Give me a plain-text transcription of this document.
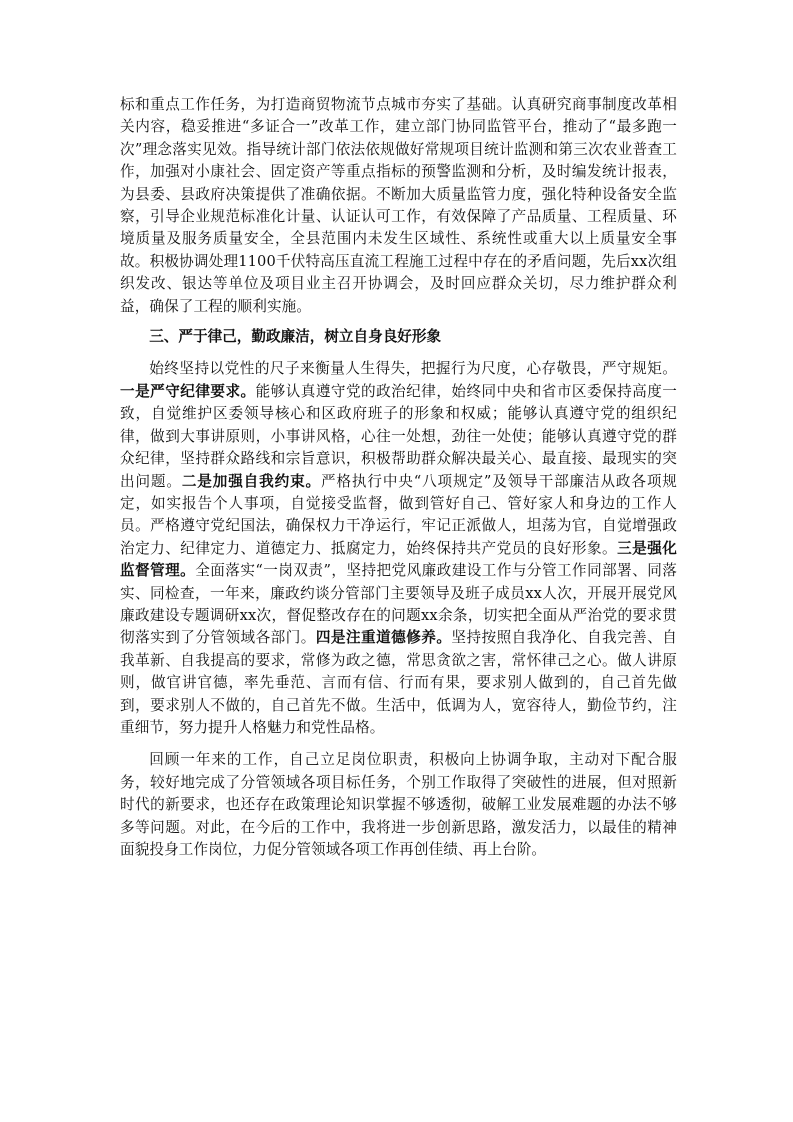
标和重点工作任务，为打造商贸物流节点城市夯实了基础。认真研究商事制度改革相关内容，稳妥推进“多证合一”改革工作，建立部门协同监管平台，推动了“最多跑一次”理念落实见效。指导统计部门依法依规做好常规项目统计监测和第三次农业普查工作，加强对小康社会、固定资产等重点指标的预警监测和分析，及时编发统计报表，为县委、县政府决策提供了准确依据。不断加大质量监管力度，强化特种设备安全监察，引导企业规范标准化计量、认证认可工作，有效保障了产品质量、工程质量、环境质量及服务质量安全，全县范围内未发生区域性、系统性或重大以上质量安全事故。积极协调处理1100千伏特高压直流工程施工过程中存在的矛盾问题，先后xx次组织发改、银达等单位及项目业主召开协调会，及时回应群众关切，尽力维护群众利益，确保了工程的顺利实施。

三、严于律己，勤政廉洁，树立自身良好形象

始终坚持以党性的尺子来衡量人生得失，把握行为尺度，心存敬畏，严守规矩。一是严守纪律要求。能够认真遵守党的政治纪律，始终同中央和省市区委保持高度一致，自觉维护区委领导核心和区政府班子的形象和权威；能够认真遵守党的组织纪律，做到大事讲原则，小事讲风格，心往一处想，劲往一处使；能够认真遵守党的群众纪律，坚持群众路线和宗旨意识，积极帮助群众解决最关心、最直接、最现实的突出问题。二是加强自我约束。严格执行中央“八项规定”及领导干部廉洁从政各项规定，如实报告个人事项，自觉接受监督，做到管好自己、管好家人和身边的工作人员。严格遵守党纪国法，确保权力干净运行，牢记正派做人，坦荡为官，自觉增强政治定力、纪律定力、道德定力、抵腐定力，始终保持共产党员的良好形象。三是强化监督管理。全面落实“一岗双责”，坚持把党风廉政建设工作与分管工作同部署、同落实、同检查，一年来，廉政约谈分管部门主要领导及班子成员xx人次，开展开展党风廉政建设专题调研xx次，督促整改存在的问题xx余条，切实把全面从严治党的要求贯彻落实到了分管领域各部门。四是注重道德修养。坚持按照自我净化、自我完善、自我革新、自我提高的要求，常修为政之德，常思贪欲之害，常怀律己之心。做人讲原则，做官讲官德，率先垂范、言而有信、行而有果，要求别人做到的，自己首先做到，要求别人不做的，自己首先不做。生活中，低调为人，宽容待人，勤俭节约，注重细节，努力提升人格魅力和党性品格。

回顾一年来的工作，自己立足岗位职责，积极向上协调争取，主动对下配合服务，较好地完成了分管领域各项目标任务，个别工作取得了突破性的进展，但对照新时代的新要求，也还存在政策理论知识掌握不够透彻，破解工业发展难题的办法不够多等问题。对此，在今后的工作中，我将进一步创新思路，激发活力，以最佳的精神面貌投身工作岗位，力促分管领域各项工作再创佳绩、再上台阶。
